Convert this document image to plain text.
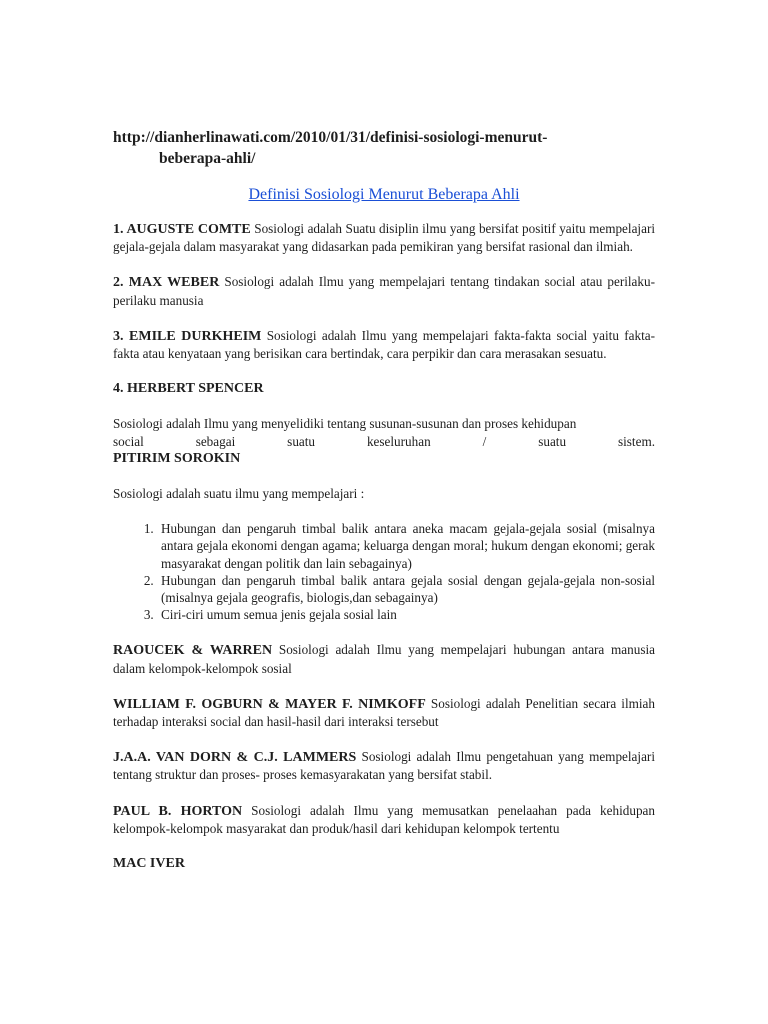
http://dianherlinawati.com/2010/01/31/definisi-sosiologi-menurut-
beberapa-ahli/
Definisi Sosiologi Menurut Beberapa Ahli

1. AUGUSTE COMTE Sosiologi adalah Suatu disiplin ilmu yang bersifat positif yaitu mempelajari gejala-gejala dalam masyarakat yang didasarkan pada pemikiran yang bersifat rasional dan ilmiah.

2. MAX WEBER Sosiologi adalah Ilmu yang mempelajari tentang tindakan social atau perilaku-perilaku manusia

3. EMILE DURKHEIM Sosiologi adalah Ilmu yang mempelajari fakta-fakta social yaitu fakta-fakta atau kenyataan yang berisikan cara bertindak, cara perpikir dan cara merasakan sesuatu.

4. HERBERT SPENCER
Sosiologi adalah Ilmu yang menyelidiki tentang susunan-susunan dan proses kehidupan
social sebagai suatu keseluruhan / suatu sistem.
PITIRIM SOROKIN

Sosiologi adalah suatu ilmu yang mempelajari :

1. Hubungan dan pengaruh timbal balik antara aneka macam gejala-gejala sosial (misalnya antara gejala ekonomi dengan agama; keluarga dengan moral; hukum dengan ekonomi; gerak masyarakat dengan politik dan lain sebagainya)
2. Hubungan dan pengaruh timbal balik antara gejala sosial dengan gejala-gejala non-sosial (misalnya gejala geografis, biologis,dan sebagainya)
3. Ciri-ciri umum semua jenis gejala sosial lain

RAOUCEK & WARREN Sosiologi adalah Ilmu yang mempelajari hubungan antara manusia dalam kelompok-kelompok sosial

WILLIAM F. OGBURN & MAYER F. NIMKOFF Sosiologi adalah Penelitian secara ilmiah terhadap interaksi social dan hasil-hasil dari interaksi tersebut

J.A.A. VAN DORN & C.J. LAMMERS Sosiologi adalah Ilmu pengetahuan yang mempelajari tentang struktur dan proses- proses kemasyarakatan yang bersifat stabil.

PAUL B. HORTON Sosiologi adalah Ilmu yang memusatkan penelaahan pada kehidupan kelompok-kelompok masyarakat dan produk/hasil dari kehidupan kelompok tertentu

MAC IVER
